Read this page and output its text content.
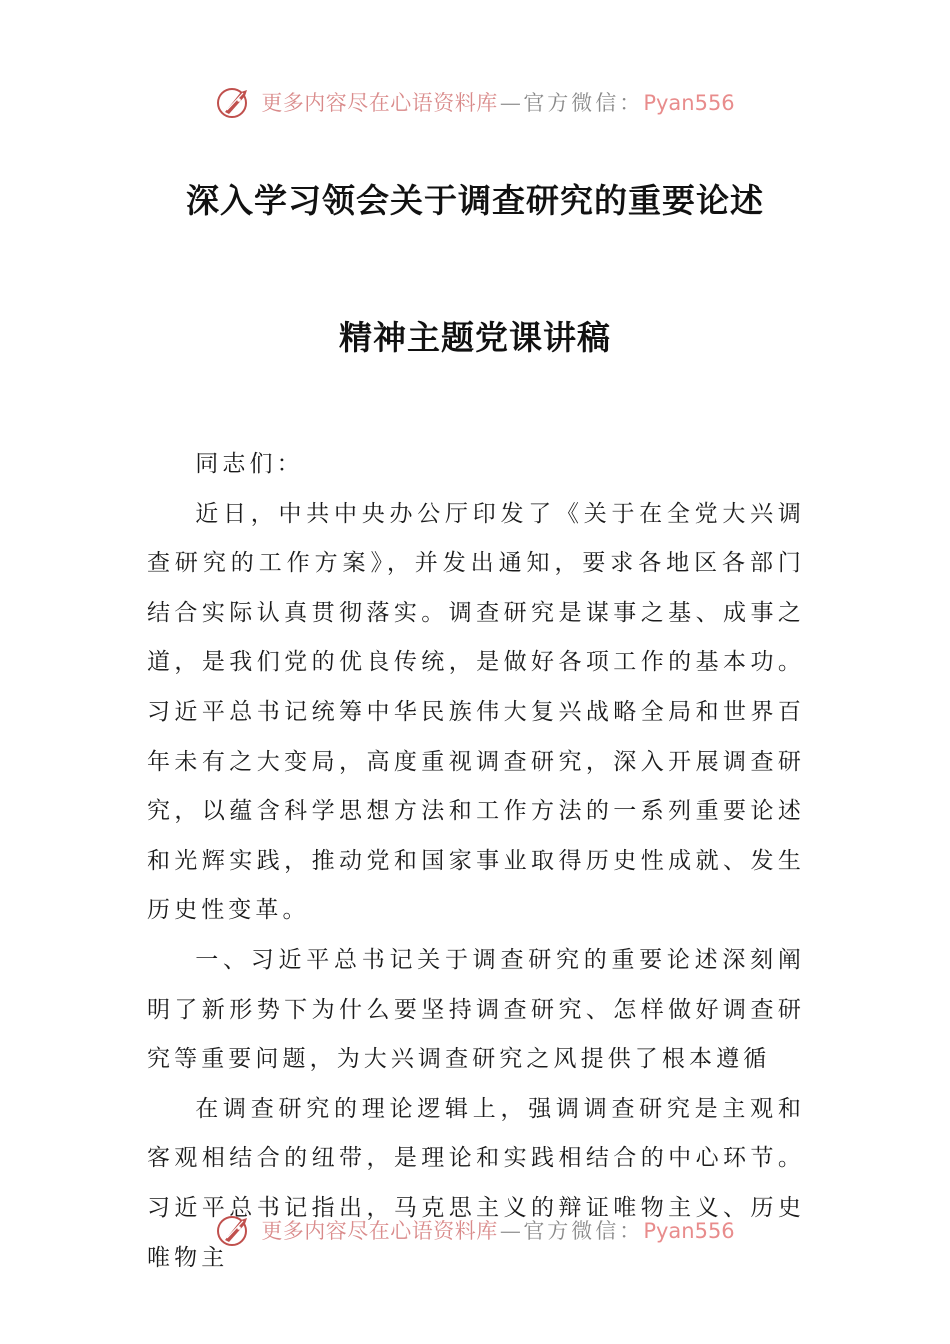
更多内容尽在心语资料库—官方微信：Pyan556
深入学习领会关于调查研究的重要论述
精神主题党课讲稿

同志们：

近日，中共中央办公厅印发了《关于在全党大兴调查研究的工作方案》，并发出通知，要求各地区各部门结合实际认真贯彻落实。调查研究是谋事之基、成事之道，是我们党的优良传统，是做好各项工作的基本功。习近平总书记统筹中华民族伟大复兴战略全局和世界百年未有之大变局，高度重视调查研究，深入开展调查研究，以蕴含科学思想方法和工作方法的一系列重要论述和光辉实践，推动党和国家事业取得历史性成就、发生历史性变革。

一、习近平总书记关于调查研究的重要论述深刻阐明了新形势下为什么要坚持调查研究、怎样做好调查研究等重要问题，为大兴调查研究之风提供了根本遵循

在调查研究的理论逻辑上，强调调查研究是主观和客观相结合的纽带，是理论和实践相结合的中心环节。习近平总书记指出，马克思主义的辩证唯物主义、历史唯物主

更多内容尽在心语资料库—官方微信：Pyan556
